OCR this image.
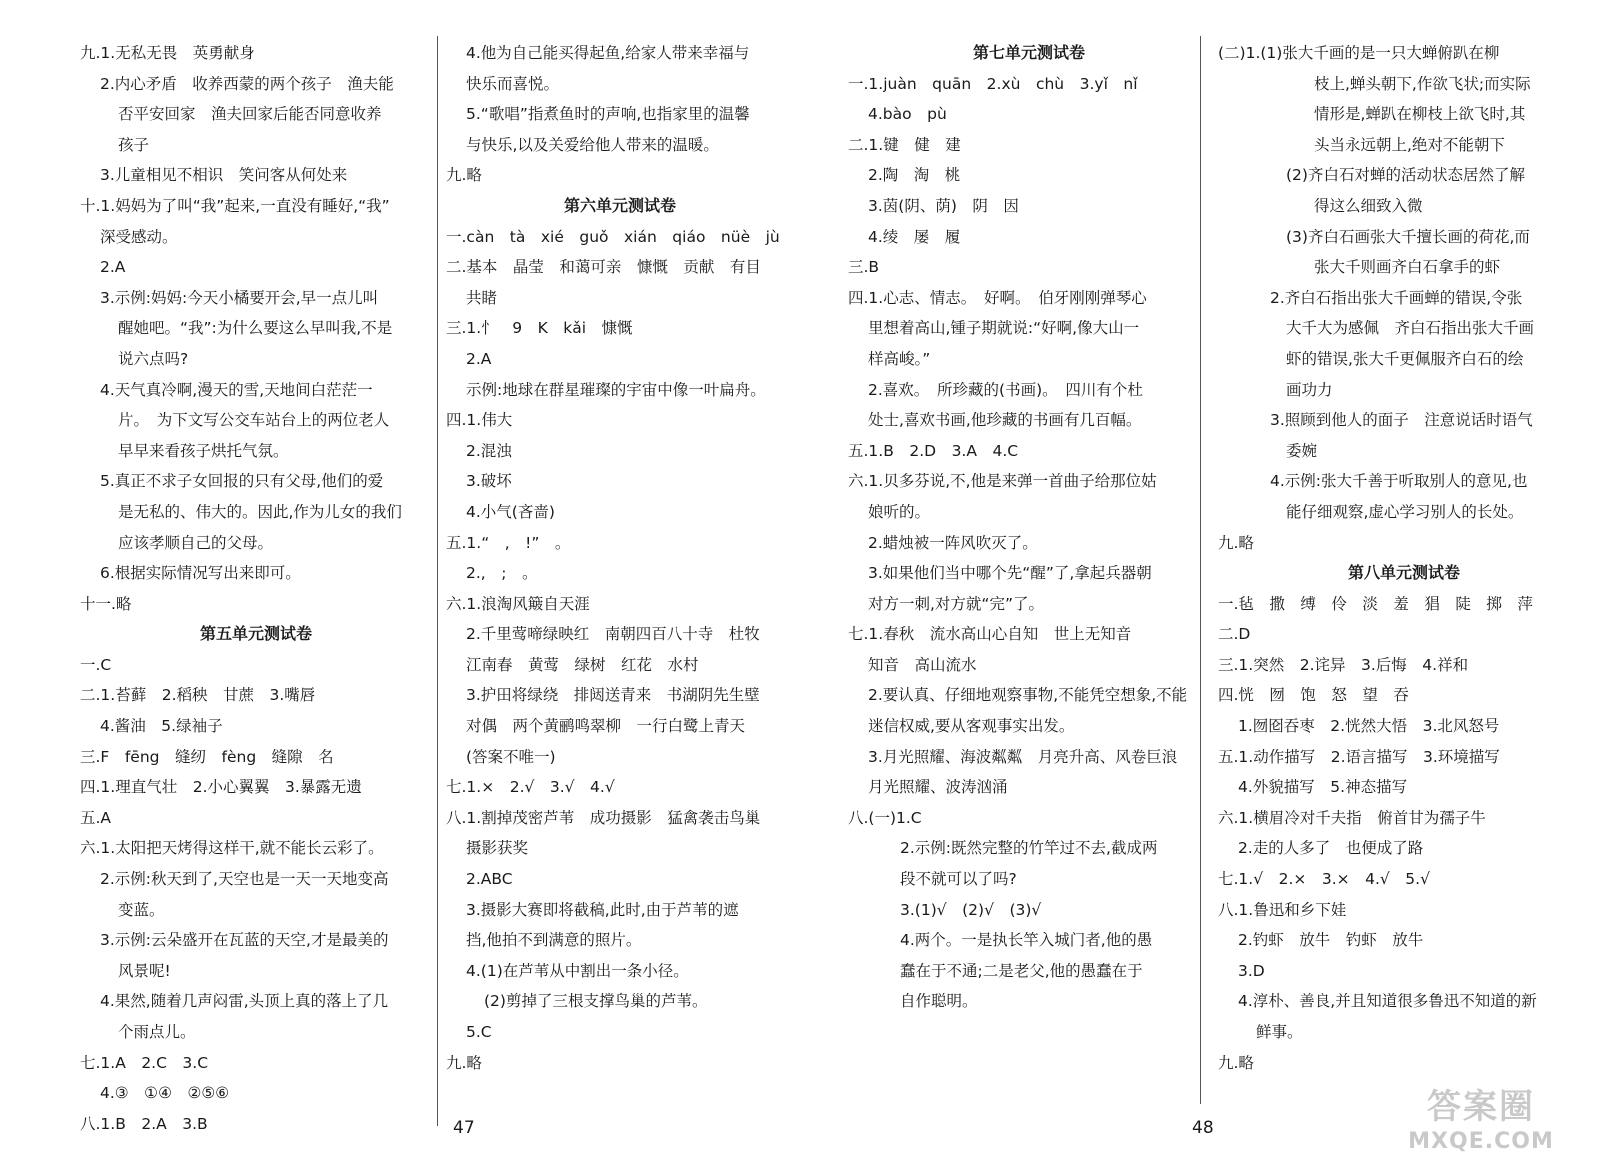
九.1.无私无畏　英勇献身
2.内心矛盾　收养西蒙的两个孩子　渔夫能
否平安回家　渔夫回家后能否同意收养
孩子
3.儿童相见不相识　笑问客从何处来
十.1.妈妈为了叫“我”起来,一直没有睡好,“我”
深受感动。
2.A
3.示例:妈妈:今天小橘要开会,早一点儿叫
醒她吧。“我”:为什么要这么早叫我,不是
说六点吗?
4.天气真冷啊,漫天的雪,天地间白茫茫一
片。　为下文写公交车站台上的两位老人
早早来看孩子烘托气氛。
5.真正不求子女回报的只有父母,他们的爱
是无私的、伟大的。因此,作为儿女的我们
应该孝顺自己的父母。
6.根据实际情况写出来即可。
十一.略
第五单元测试卷
一.C
二.1.苔藓　2.稻秧　甘蔗　3.嘴唇
4.酱油　5.绿袖子
三.F　fēng　缝纫　fèng　缝隙　名
四.1.理直气壮　2.小心翼翼　3.暴露无遗
五.A
六.1.太阳把天烤得这样干,就不能长云彩了。
2.示例:秋天到了,天空也是一天一天地变高
变蓝。
3.示例:云朵盛开在瓦蓝的天空,才是最美的
风景呢!
4.果然,随着几声闷雷,头顶上真的落上了几
个雨点儿。
七.1.A　2.C　3.C
4.③　①④　②⑤⑥
八.1.B　2.A　3.B
4.他为自己能买得起鱼,给家人带来幸福与
快乐而喜悦。
5.“歌唱”指煮鱼时的声响,也指家里的温馨
与快乐,以及关爱给他人带来的温暖。
九.略
第六单元测试卷
一.càn　tà　xié　guǒ　xián　qiáo　nüè　jù
二.基本　晶莹　和蔼可亲　慷慨　贡献　有目
共睹
三.1.忄　9　K　kǎi　慷慨
2.A
示例:地球在群星璀璨的宇宙中像一叶扁舟。
四.1.伟大
2.混浊
3.破坏
4.小气(吝啬)
五.1.“　,　!”　。
2.,　;　。
六.1.浪淘风簸自天涯
2.千里莺啼绿映红　南朝四百八十寺　杜牧
江南春　黄莺　绿树　红花　水村
3.护田将绿绕　排闼送青来　书湖阴先生壁
对偶　两个黄鹂鸣翠柳　一行白鹭上青天
(答案不唯一)
七.1.×　2.√　3.√　4.√
八.1.割掉茂密芦苇　成功摄影　猛禽袭击鸟巢
摄影获奖
2.ABC
3.摄影大赛即将截稿,此时,由于芦苇的遮
挡,他拍不到满意的照片。
4.(1)在芦苇从中割出一条小径。
(2)剪掉了三根支撑鸟巢的芦苇。
5.C
九.略
第七单元测试卷
一.1.juàn　quān　2.xù　chù　3.yǐ　nǐ
4.bào　pù
二.1.键　健　建
2.陶　淘　桃
3.茵(阴、荫)　阴　因
4.绫　屡　履
三.B
四.1.心志、情志。　好啊。　伯牙刚刚弹琴心
里想着高山,锺子期就说:“好啊,像大山一
样高峻。”
2.喜欢。　所珍藏的(书画)。　四川有个杜
处士,喜欢书画,他珍藏的书画有几百幅。
五.1.B　2.D　3.A　4.C
六.1.贝多芬说,不,他是来弹一首曲子给那位姑
娘听的。
2.蜡烛被一阵风吹灭了。
3.如果他们当中哪个先“醒”了,拿起兵器朝
对方一刺,对方就“完”了。
七.1.春秋　流水高山心自知　世上无知音
知音　高山流水
2.要认真、仔细地观察事物,不能凭空想象,不能
迷信权威,要从客观事实出发。
3.月光照耀、海波粼粼　月亮升高、风卷巨浪
月光照耀、波涛汹涌
八.(一)1.C
2.示例:既然完整的竹竿过不去,截成两
段不就可以了吗?
3.(1)√　(2)√　(3)√
4.两个。一是执长竿入城门者,他的愚
蠢在于不通;二是老父,他的愚蠢在于
自作聪明。
(二)1.(1)张大千画的是一只大蝉俯趴在柳
枝上,蝉头朝下,作欲飞状;而实际
情形是,蝉趴在柳枝上欲飞时,其
头当永远朝上,绝对不能朝下
(2)齐白石对蝉的活动状态居然了解
得这么细致入微
(3)齐白石画张大千擅长画的荷花,而
张大千则画齐白石拿手的虾
2.齐白石指出张大千画蝉的错误,令张
大千大为感佩　齐白石指出张大千画
虾的错误,张大千更佩服齐白石的绘
画功力
3.照顾到他人的面子　注意说话时语气
委婉
4.示例:张大千善于听取别人的意见,也
能仔细观察,虚心学习别人的长处。
九.略
第八单元测试卷
一.毡　撒　缚　伶　淡　羞　猖　陡　掷　萍
二.D
三.1.突然　2.诧异　3.后悔　4.祥和
四.恍　囫　饱　怒　望　吞
1.囫囵吞枣　2.恍然大悟　3.北风怒号
五.1.动作描写　2.语言描写　3.环境描写
4.外貌描写　5.神态描写
六.1.横眉冷对千夫指　俯首甘为孺子牛
2.走的人多了　也便成了路
七.1.√　2.×　3.×　4.√　5.√
八.1.鲁迅和乡下娃
2.钓虾　放牛　钓虾　放牛
3.D
4.淳朴、善良,并且知道很多鲁迅不知道的新
鲜事。
九.略
47	48
答案圈
MXQE.COM
